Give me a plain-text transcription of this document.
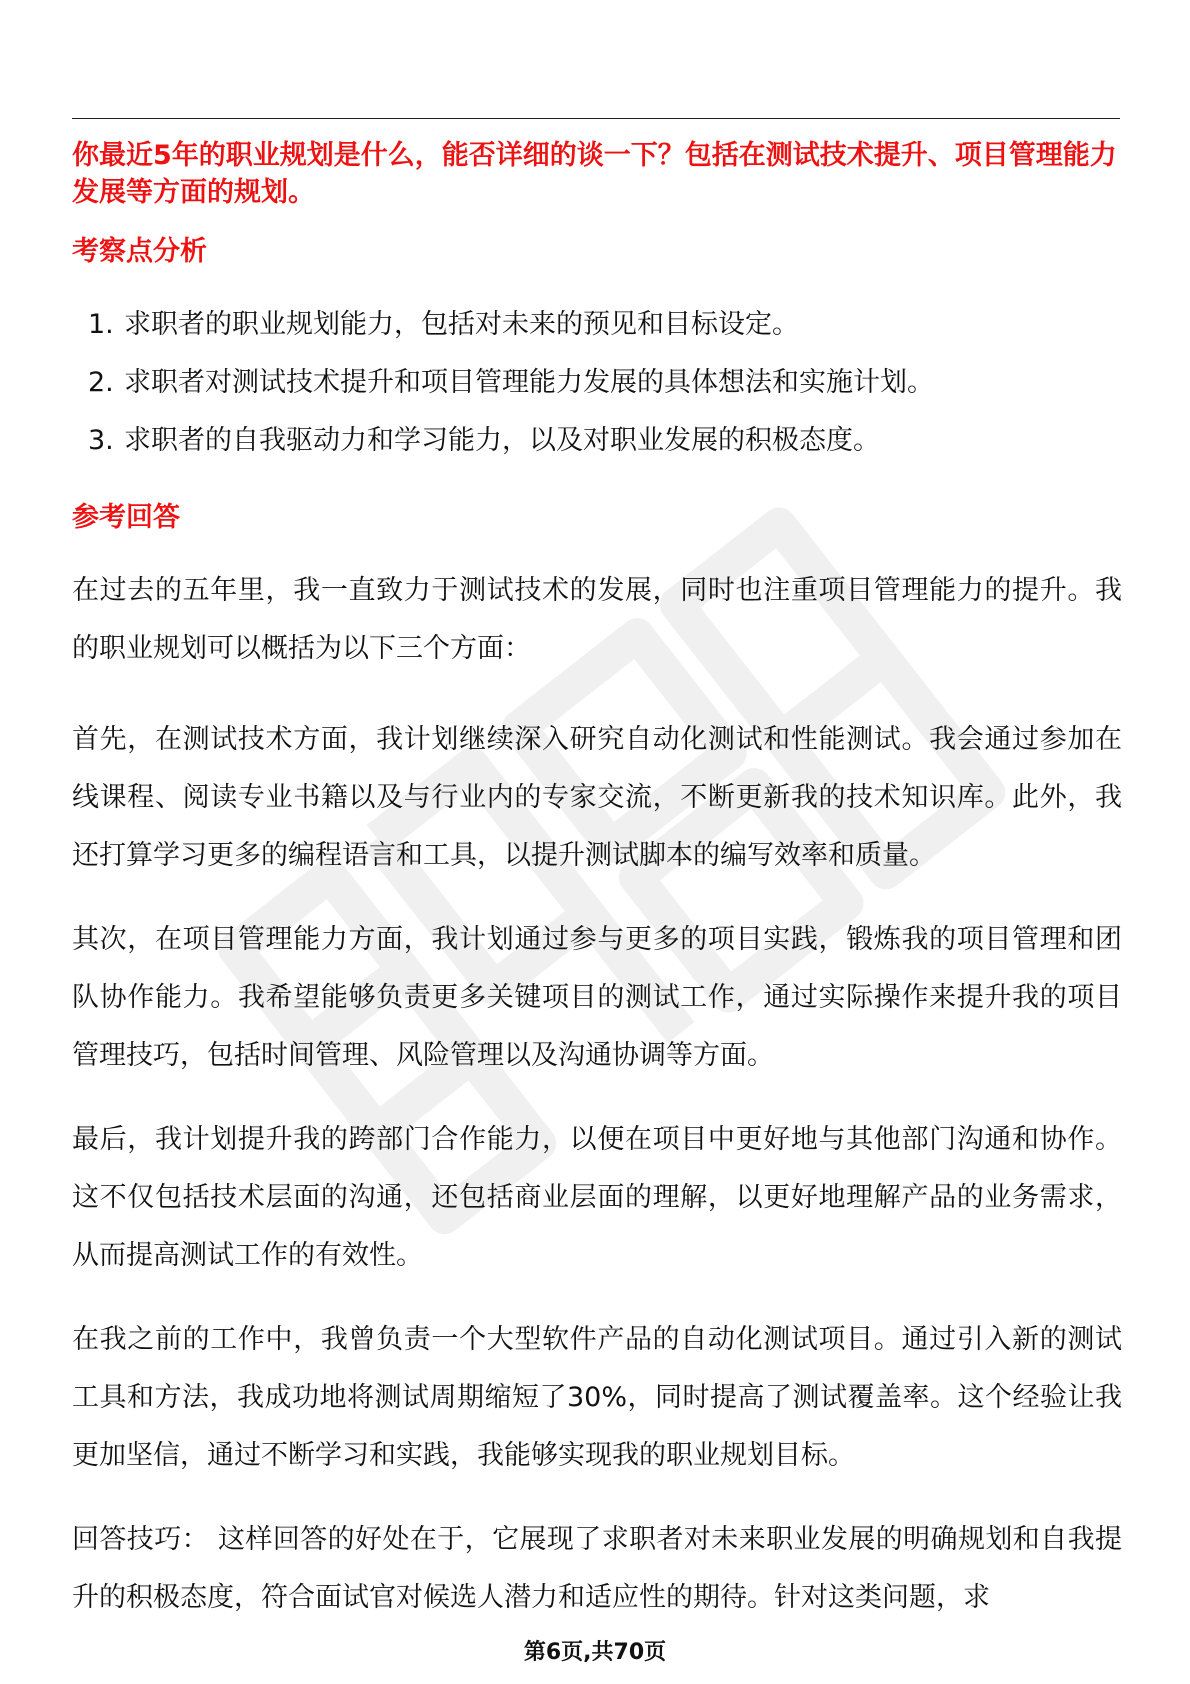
你最近5年的职业规划是什么，能否详细的谈一下？包括在测试技术提升、项目管理能力发展等方面的规划。

考察点分析
1. 求职者的职业规划能力，包括对未来的预见和目标设定。
2. 求职者对测试技术提升和项目管理能力发展的具体想法和实施计划。
3. 求职者的自我驱动力和学习能力，以及对职业发展的积极态度。
参考回答

在过去的五年里，我一直致力于测试技术的发展，同时也注重项目管理能力的提升。我的职业规划可以概括为以下三个方面：

首先，在测试技术方面，我计划继续深入研究自动化测试和性能测试。我会通过参加在线课程、阅读专业书籍以及与行业内的专家交流，不断更新我的技术知识库。此外，我还打算学习更多的编程语言和工具，以提升测试脚本的编写效率和质量。

其次，在项目管理能力方面，我计划通过参与更多的项目实践，锻炼我的项目管理和团队协作能力。我希望能够负责更多关键项目的测试工作，通过实际操作来提升我的项目管理技巧，包括时间管理、风险管理以及沟通协调等方面。

最后，我计划提升我的跨部门合作能力，以便在项目中更好地与其他部门沟通和协作。这不仅包括技术层面的沟通，还包括商业层面的理解，以更好地理解产品的业务需求，从而提高测试工作的有效性。

在我之前的工作中，我曾负责一个大型软件产品的自动化测试项目。通过引入新的测试工具和方法，我成功地将测试周期缩短了30%，同时提高了测试覆盖率。这个经验让我更加坚信，通过不断学习和实践，我能够实现我的职业规划目标。

回答技巧： 这样回答的好处在于，它展现了求职者对未来职业发展的明确规划和自我提升的积极态度，符合面试官对候选人潜力和适应性的期待。针对这类问题，求

第6页,共70页
